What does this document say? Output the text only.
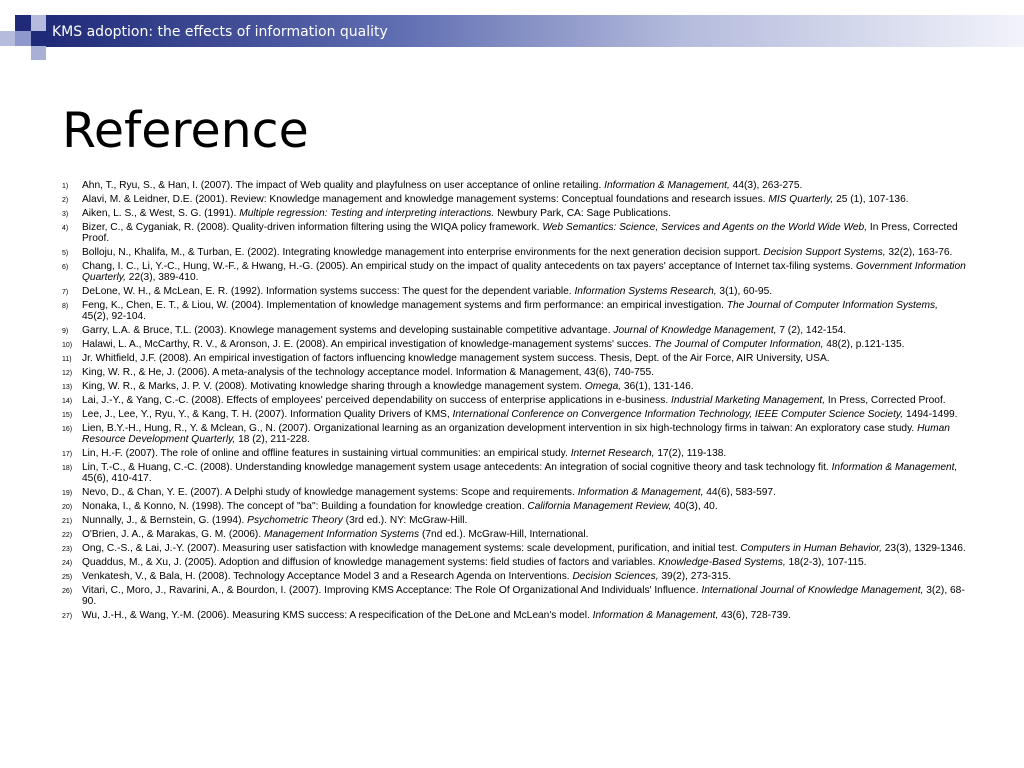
KMS adoption: the effects of information quality
Reference
1) Ahn, T., Ryu, S., & Han, I. (2007). The impact of Web quality and playfulness on user acceptance of online retailing. Information & Management, 44(3), 263-275.
2) Alavi, M. & Leidner, D.E. (2001). Review: Knowledge management and knowledge management systems: Conceptual foundations and research issues. MIS Quarterly, 25 (1), 107-136.
3) Aiken, L. S., & West, S. G. (1991). Multiple regression: Testing and interpreting interactions. Newbury Park, CA: Sage Publications.
4) Bizer, C., & Cyganiak, R. (2008). Quality-driven information filtering using the WIQA policy framework. Web Semantics: Science, Services and Agents on the World Wide Web, In Press, Corrected Proof.
5) Bolloju, N., Khalifa, M., & Turban, E. (2002). Integrating knowledge management into enterprise environments for the next generation decision support. Decision Support Systems, 32(2), 163-76.
6) Chang, I. C., Li, Y.-C., Hung, W.-F., & Hwang, H.-G. (2005). An empirical study on the impact of quality antecedents on tax payers' acceptance of Internet tax-filing systems. Government Information Quarterly, 22(3), 389-410.
7) DeLone, W. H., & McLean, E. R. (1992). Information systems success: The quest for the dependent variable. Information Systems Research, 3(1), 60-95.
8) Feng, K., Chen, E. T., & Liou, W. (2004). Implementation of knowledge management systems and firm performance: an empirical investigation. The Journal of Computer Information Systems, 45(2), 92-104.
9) Garry, L.A. & Bruce, T.L. (2003). Knowlege management systems and developing sustainable competitive advantage. Journal of Knowledge Management, 7 (2), 142-154.
10) Halawi, L. A., McCarthy, R. V., & Aronson, J. E. (2008). An empirical investigation of knowledge-management systems' succes. The Journal of Computer Information, 48(2), p.121-135.
11) Jr. Whitfield, J.F. (2008). An empirical investigation of factors influencing knowledge management system success. Thesis, Dept. of the Air Force, AIR University, USA.
12) King, W. R., & He, J. (2006). A meta-analysis of the technology acceptance model. Information & Management, 43(6), 740-755.
13) King, W. R., & Marks, J. P. V. (2008). Motivating knowledge sharing through a knowledge management system. Omega, 36(1), 131-146.
14) Lai, J.-Y., & Yang, C.-C. (2008). Effects of employees' perceived dependability on success of enterprise applications in e-business. Industrial Marketing Management, In Press, Corrected Proof.
15) Lee, J., Lee, Y., Ryu, Y., & Kang, T. H. (2007). Information Quality Drivers of KMS, International Conference on Convergence Information Technology, IEEE Computer Science Society, 1494-1499.
16) Lien, B.Y.-H., Hung, R., Y. & Mclean, G., N. (2007). Organizational learning as an organization development intervention in six high-technology firms in taiwan: An exploratory case study. Human Resource Development Quarterly, 18 (2), 211-228.
17) Lin, H.-F. (2007). The role of online and offline features in sustaining virtual communities: an empirical study. Internet Research, 17(2), 119-138.
18) Lin, T.-C., & Huang, C.-C. (2008). Understanding knowledge management system usage antecedents: An integration of social cognitive theory and task technology fit. Information & Management, 45(6), 410-417.
19) Nevo, D., & Chan, Y. E. (2007). A Delphi study of knowledge management systems: Scope and requirements. Information & Management, 44(6), 583-597.
20) Nonaka, I., & Konno, N. (1998). The concept of "ba": Building a foundation for knowledge creation. California Management Review, 40(3), 40.
21) Nunnally, J., & Bernstein, G. (1994). Psychometric Theory (3rd ed.). NY: McGraw-Hill.
22) O'Brien, J. A., & Marakas, G. M. (2006). Management Information Systems (7nd ed.). McGraw-Hill, International.
23) Ong, C.-S., & Lai, J.-Y. (2007). Measuring user satisfaction with knowledge management systems: scale development, purification, and initial test. Computers in Human Behavior, 23(3), 1329-1346.
24) Quaddus, M., & Xu, J. (2005). Adoption and diffusion of knowledge management systems: field studies of factors and variables. Knowledge-Based Systems, 18(2-3), 107-115.
25) Venkatesh, V., & Bala, H. (2008). Technology Acceptance Model 3 and a Research Agenda on Interventions. Decision Sciences, 39(2), 273-315.
26) Vitari, C., Moro, J., Ravarini, A., & Bourdon, I. (2007). Improving KMS Acceptance: The Role Of Organizational And Individuals' Influence. International Journal of Knowledge Management, 3(2), 68-90.
27) Wu, J.-H., & Wang, Y.-M. (2006). Measuring KMS success: A respecification of the DeLone and McLean's model. Information & Management, 43(6), 728-739.
